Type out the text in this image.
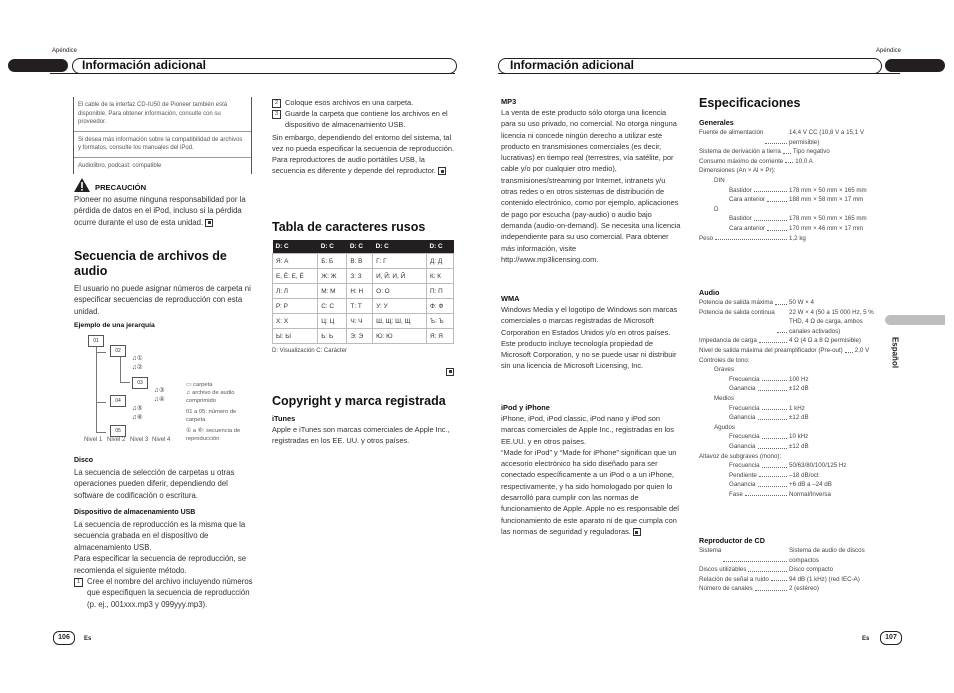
Apéndice
Información adicional
El cable de la interfaz CD-IU50 de Pioneer también está disponible. Para obtener información, consulte con su proveedor.
Si desea más información sobre la compatibilidad de archivos y formatos, consulte los manuales del iPod.
Audiolibro, podcast: compatible
PRECAUCIÓN
Pioneer no asume ninguna responsabilidad por la pérdida de datos en el iPod, incluso si la pérdida ocurre durante el uso de esta unidad.
Secuencia de archivos de audio
El usuario no puede asignar números de carpeta ni especificar secuencias de reproducción con esta unidad.
Ejemplo de una jerarquía
01
02
03
04
05
♫①
♫②
♫③
♫④
♫⑤
♫⑥
Nivel 1 Nivel 2 Nivel 3 Nivel 4
▭ carpeta
♫ archivo de audio comprimido
01 a 05: número de carpeta
① a ⑥: secuencia de reproducción
Disco
La secuencia de selección de carpetas u otras operaciones pueden diferir, dependiendo del software de codificación o escritura.
Dispositivo de almacenamiento USB
La secuencia de reproducción es la misma que la secuencia grabada en el dispositivo de almacenamiento USB.
Para especificar la secuencia de reproducción, se recomienda el siguiente método.
1 Cree el nombre del archivo incluyendo números que especifiquen la secuencia de reproducción (p. ej., 001xxx.mp3 y 099yyy.mp3).
2 Coloque esos archivos en una carpeta.
3 Guarde la carpeta que contiene los archivos en el dispositivo de almacenamiento USB.
Sin embargo, dependiendo del entorno del sistema, tal vez no pueda especificar la secuencia de reproducción.
Para reproductores de audio portátiles USB, la secuencia es diferente y depende del reproductor.
Tabla de caracteres rusos
D: C	D: C	D: C	D: C	D: C
Я: А	Б: Б	В: В	Г: Г	Д: Д
Е, Ё: Е, Ё	Ж: Ж	З: З	И, Й: И, Й	К: К
Л: Л	М: М	Н: Н	О: О	П: П
Р: Р	С: С	Т: Т	У: У	Ф: Ф
Х: Х	Ц: Ц	Ч: Ч	Ш, Щ: Ш, Щ	Ъ: Ъ
Ы: Ы	Ь: Ь	Э: Э	Ю: Ю	Я: Я
D: Visualización C: Carácter
Copyright y marca registrada
iTunes
Apple e iTunes son marcas comerciales de Apple Inc., registradas en los EE. UU. y otros países.
106	Es
Apéndice
Información adicional
MP3
La venta de este producto sólo otorga una licencia para su uso privado, no comercial. No otorga ninguna licencia ni concede ningún derecho a utilizar este producto en transmisiones comerciales (es decir, lucrativas) en tiempo real (terrestres, vía satélite, por cable y/o por cualquier otro medio), transmisiones/streaming por Internet, intranets y/u otras redes o en otros sistemas de distribución de contenido electrónico, como por ejemplo, aplicaciones de pago por escucha (pay-audio) o audio bajo demanda (audio-on-demand). Se necesita una licencia independiente para su uso comercial. Para obtener más información, visite
http://www.mp3licensing.com.
WMA
Windows Media y el logotipo de Windows son marcas comerciales o marcas registradas de Microsoft Corporation en Estados Unidos y/o en otros países.
Este producto incluye tecnología propiedad de Microsoft Corporation, y no se puede usar ni distribuir sin una licencia de Microsoft Licensing, Inc.
iPod y iPhone
iPhone, iPod, iPod classic, iPod nano y iPod son marcas comerciales de Apple Inc., registradas en los EE.UU. y en otros países.
“Made for iPod” y “Made for iPhone” significan que un accesorio electrónico ha sido diseñado para ser conectado específicamente a un iPod o a un iPhone, respectivamente, y ha sido homologado por quien lo desarrolló para cumplir con las normas de funcionamiento de Apple. Apple no es responsable del funcionamiento de este aparato ni de que cumpla con las normas de seguridad y reguladoras.
Especificaciones
Generales
Fuente de alimentación	14,4 V CC (10,8 V a 15,1 V permisible)
Sistema de derivación a tierra Tipo negativo
Consumo máximo de corriente 10,0 A
Dimensiones (An × Al × Pr):
DIN
Bastidor	178 mm × 50 mm × 165 mm
Cara anterior	188 mm × 58 mm × 17 mm
D
Bastidor	178 mm × 50 mm × 165 mm
Cara anterior	170 mm × 46 mm × 17 mm
Peso	1,2 kg
Audio
Potencia de salida máxima	50 W × 4
Potencia de salida continua 22 W × 4 (50 a 15 000 Hz, 5 % THD, 4 Ω de carga, ambos canales activados)
Impedancia de carga	4 Ω (4 Ω a 8 Ω permisible)
Nivel de salida máxima del preamplificador (Pre-out) 2,0 V
Controles de tono:
Graves
Frecuencia	100 Hz
Ganancia	±12 dB
Medios
Frecuencia	1 kHz
Ganancia	±12 dB
Agudos
Frecuencia	10 kHz
Ganancia	±12 dB
Altavoz de subgraves (mono):
Frecuencia	50/63/80/100/125 Hz
Pendiente	–18 dB/oct
Ganancia	+6 dB a –24 dB
Fase	Normal/Inversa
Reproductor de CD
Sistema	Sistema de audio de discos compactos
Discos utilizables	Disco compacto
Relación de señal a ruido	94 dB (1 kHz) (red IEC-A)
Número de canales	2 (estéreo)
Español
Es	107
